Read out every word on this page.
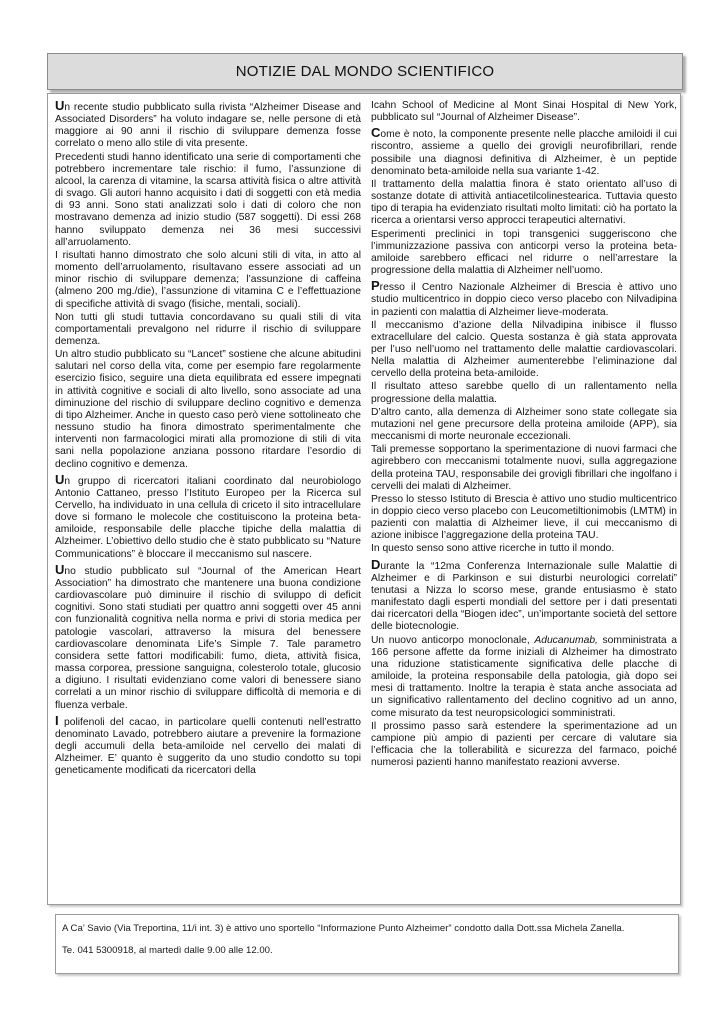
NOTIZIE DAL MONDO SCIENTIFICO

Un recente studio pubblicato sulla rivista “Alzheimer Disease and Associated Disorders” ha voluto indagare se, nelle persone di età maggiore ai 90 anni il rischio di sviluppare demenza fosse correlato o meno allo stile di vita presente.

Precedenti studi hanno identificato una serie di comportamenti che potrebbero incrementare tale rischio: il fumo, l’assunzione di alcool, la carenza di vitamine, la scarsa attività fisica o altre attività di svago. Gli autori hanno acquisito i dati di soggetti con età media di 93 anni. Sono stati analizzati solo i dati di coloro che non mostravano demenza ad inizio studio (587 soggetti). Di essi 268 hanno sviluppato demenza nei 36 mesi successivi all’arruolamento.

I risultati hanno dimostrato che solo alcuni stili di vita, in atto al momento dell’arruolamento, risultavano essere associati ad un minor rischio di sviluppare demenza; l’assunzione di caffeina (almeno 200 mg./die), l’assunzione di vitamina C e l’effettuazione di specifiche attività di svago (fisiche, mentali, sociali).

Non tutti gli studi tuttavia concordavano su quali stili di vita comportamentali prevalgono nel ridurre il rischio di sviluppare demenza.

Un altro studio pubblicato su “Lancet” sostiene che alcune abitudini salutari nel corso della vita, come per esempio fare regolarmente esercizio fisico, seguire una dieta equilibrata ed essere impegnati in attività cognitive e sociali di alto livello, sono associate ad una diminuzione del rischio di sviluppare declino cognitivo e demenza di tipo Alzheimer. Anche in questo caso però viene sottolineato che nessuno studio ha finora dimostrato sperimentalmente che interventi non farmacologici mirati alla promozione di stili di vita sani nella popolazione anziana possono ritardare l’esordio di declino cognitivo e demenza.

Un gruppo di ricercatori italiani coordinato dal neurobiologo Antonio Cattaneo, presso l’Istituto Europeo per la Ricerca sul Cervello, ha individuato in una cellula di criceto il sito intracellulare dove si formano le molecole che costituiscono la proteina beta-amiloide, responsabile delle placche tipiche della malattia di Alzheimer. L’obiettivo dello studio che è stato pubblicato su “Nature Communications” è bloccare il meccanismo sul nascere.

Uno studio pubblicato sul “Journal of the American Heart Association” ha dimostrato che mantenere una buona condizione cardiovascolare può diminuire il rischio di sviluppo di deficit cognitivi. Sono stati studiati per quattro anni soggetti over 45 anni con funzionalità cognitiva nella norma e privi di storia medica per patologie vascolari, attraverso la misura del benessere cardiovascolare denominata Life’s Simple 7. Tale parametro considera sette fattori modificabili: fumo, dieta, attività fisica, massa corporea, pressione sanguigna, colesterolo totale, glucosio a digiuno. I risultati evidenziano come valori di benessere siano correlati a un minor rischio di sviluppare difficoltà di memoria e di fluenza verbale.

I polifenoli del cacao, in particolare quelli contenuti nell’estratto denominato Lavado, potrebbero aiutare a prevenire la formazione degli accumuli della beta-amiloide nel cervello dei malati di Alzheimer. E’ quanto è suggerito da uno studio condotto su topi geneticamente modificati da ricercatori della

Icahn School of Medicine al Mont Sinai Hospital di New York, pubblicato sul “Journal of Alzheimer Disease”.

Come è noto, la componente presente nelle placche amiloidi il cui riscontro, assieme a quello dei grovigli neurofibrillari, rende possibile una diagnosi definitiva di Alzheimer, è un peptide denominato beta-amiloide nella sua variante 1-42.

Il trattamento della malattia finora è stato orientato all’uso di sostanze dotate di attività antiacetilcolinestearica. Tuttavia questo tipo di terapia ha evidenziato risultati molto limitati: ciò ha portato la ricerca a orientarsi verso approcci terapeutici alternativi.

Esperimenti preclinici in topi transgenici suggeriscono che l’immunizzazione passiva con anticorpi verso la proteina beta-amiloide sarebbero efficaci nel ridurre o nell’arrestare la progressione della malattia di Alzheimer nell’uomo.

Presso il Centro Nazionale Alzheimer di Brescia è attivo uno studio multicentrico in doppio cieco verso placebo con Nilvadipina in pazienti con malattia di Alzheimer lieve-moderata.

Il meccanismo d’azione della Nilvadipina inibisce il flusso extracellulare del calcio. Questa sostanza è già stata approvata per l’uso nell’uomo nel trattamento delle malattie cardiovascolari. Nella malattia di Alzheimer aumenterebbe l’eliminazione dal cervello della proteina beta-amiloide.

Il risultato atteso sarebbe quello di un rallentamento nella progressione della malattia.

D’altro canto, alla demenza di Alzheimer sono state collegate sia mutazioni nel gene precursore della proteina amiloide (APP), sia meccanismi di morte neuronale eccezionali.

Tali premesse sopportano la sperimentazione di nuovi farmaci che agirebbero con meccanismi totalmente nuovi, sulla aggregazione della proteina TAU, responsabile dei grovigli fibrillari che ingolfano i cervelli dei malati di Alzheimer.

Presso lo stesso Istituto di Brescia è attivo uno studio multicentrico in doppio cieco verso placebo con Leucometiltionimobis (LMTM) in pazienti con malattia di Alzheimer lieve, il cui meccanismo di azione inibisce l’aggregazione della proteina TAU.

In questo senso sono attive ricerche in tutto il mondo.

Durante la “12ma Conferenza Internazionale sulle Malattie di Alzheimer e di Parkinson e sui disturbi neurologici correlati” tenutasi a Nizza lo scorso mese, grande entusiasmo è stato manifestato dagli esperti mondiali del settore per i dati presentati dai ricercatori della “Biogen idec”, un’importante società del settore delle biotecnologie.

Un nuovo anticorpo monoclonale, Aducanumab, somministrata a 166 persone affette da forme iniziali di Alzheimer ha dimostrato una riduzione statisticamente significativa delle placche di amiloide, la proteina responsabile della patologia, già dopo sei mesi di trattamento. Inoltre la terapia è stata anche associata ad un significativo rallentamento del declino cognitivo ad un anno, come misurato da test neuropsicologici somministrati.

Il prossimo passo sarà estendere la sperimentazione ad un campione più ampio di pazienti per cercare di valutare sia l’efficacia che la tollerabilità e sicurezza del farmaco, poiché numerosi pazienti hanno manifestato reazioni avverse.

A Ca’ Savio (Via Treportina, 11/i int. 3) è attivo uno sportello “Informazione Punto Alzheimer” condotto dalla Dott.ssa Michela Zanella.

Te. 041 5300918, al martedì dalle 9.00 alle 12.00.
